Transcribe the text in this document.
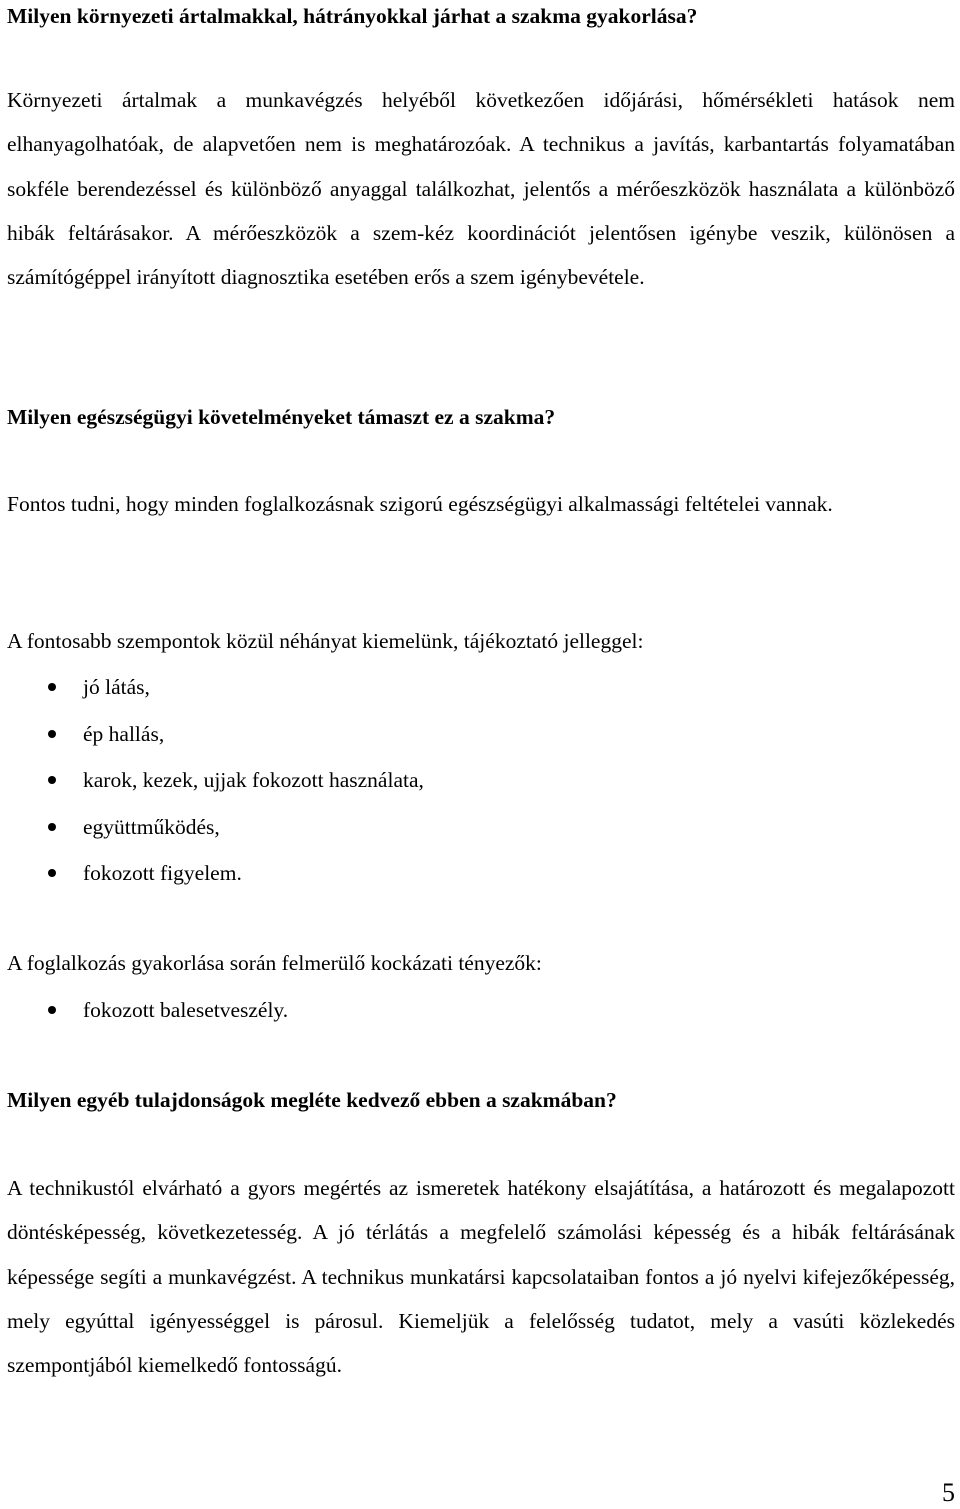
Milyen környezeti ártalmakkal, hátrányokkal járhat a szakma gyakorlása?

Környezeti ártalmak a munkavégzés helyéből következően időjárási, hőmérsékleti hatások nem elhanyagolhatóak, de alapvetően nem is meghatározóak. A technikus a javítás, karbantartás folyamatában sokféle berendezéssel és különböző anyaggal találkozhat, jelentős a mérőeszközök használata a különböző hibák feltárásakor. A mérőeszközök a szem-kéz koordinációt jelentősen igénybe veszik, különösen a számítógéppel irányított diagnosztika esetében erős a szem igénybevétele.

Milyen egészségügyi követelményeket támaszt ez a szakma?

Fontos tudni, hogy minden foglalkozásnak szigorú egészségügyi alkalmassági feltételei vannak.

A fontosabb szempontok közül néhányat kiemelünk, tájékoztató jelleggel:

jó látás,
ép hallás,
karok, kezek, ujjak fokozott használata,
együttműködés,
fokozott figyelem.

A foglalkozás gyakorlása során felmerülő kockázati tényezők:

fokozott balesetveszély.

Milyen egyéb tulajdonságok megléte kedvező ebben a szakmában?

A technikustól elvárható a gyors megértés az ismeretek hatékony elsajátítása, a határozott és megalapozott döntésképesség, következetesség. A jó térlátás a megfelelő számolási képesség és a hibák feltárásának képessége segíti a munkavégzést. A technikus munkatársi kapcsolataiban fontos a jó nyelvi kifejezőképesség, mely egyúttal igényességgel is párosul. Kiemeljük a felelősség tudatot, mely a vasúti közlekedés szempontjából kiemelkedő fontosságú.

5
